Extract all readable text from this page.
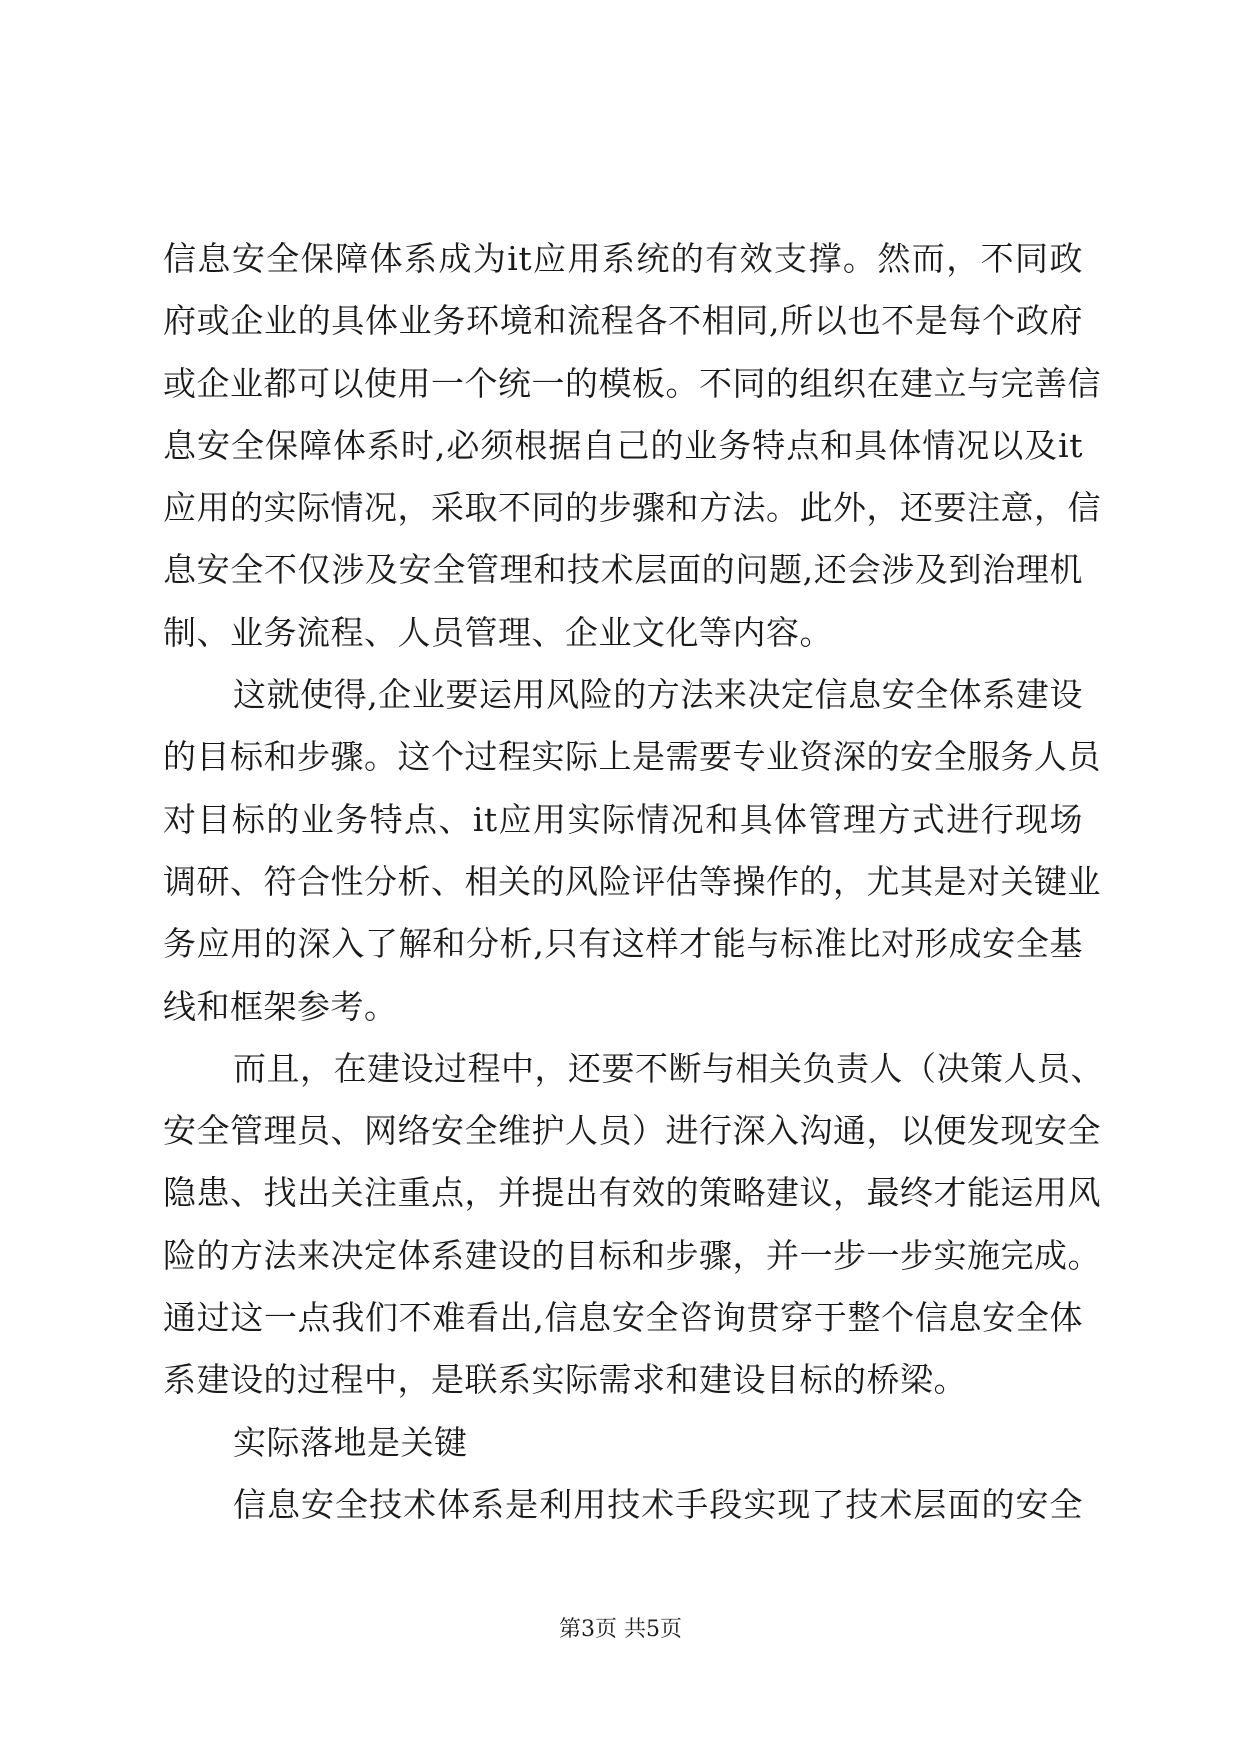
信息安全保障体系成为it应用系统的有效支撑。然而，不同政
府或企业的具体业务环境和流程各不相同,所以也不是每个政府
或企业都可以使用一个统一的模板。不同的组织在建立与完善信
息安全保障体系时,必须根据自己的业务特点和具体情况以及it
应用的实际情况，采取不同的步骤和方法。此外，还要注意，信
息安全不仅涉及安全管理和技术层面的问题,还会涉及到治理机
制、业务流程、人员管理、企业文化等内容。
这就使得,企业要运用风险的方法来决定信息安全体系建设
的目标和步骤。这个过程实际上是需要专业资深的安全服务人员
对目标的业务特点、it应用实际情况和具体管理方式进行现场
调研、符合性分析、相关的风险评估等操作的，尤其是对关键业
务应用的深入了解和分析,只有这样才能与标准比对形成安全基
线和框架参考。
而且，在建设过程中，还要不断与相关负责人（决策人员、
安全管理员、网络安全维护人员）进行深入沟通，以便发现安全
隐患、找出关注重点，并提出有效的策略建议，最终才能运用风
险的方法来决定体系建设的目标和步骤，并一步一步实施完成。
通过这一点我们不难看出,信息安全咨询贯穿于整个信息安全体
系建设的过程中，是联系实际需求和建设目标的桥梁。
实际落地是关键
信息安全技术体系是利用技术手段实现了技术层面的安全
第3页 共5页
